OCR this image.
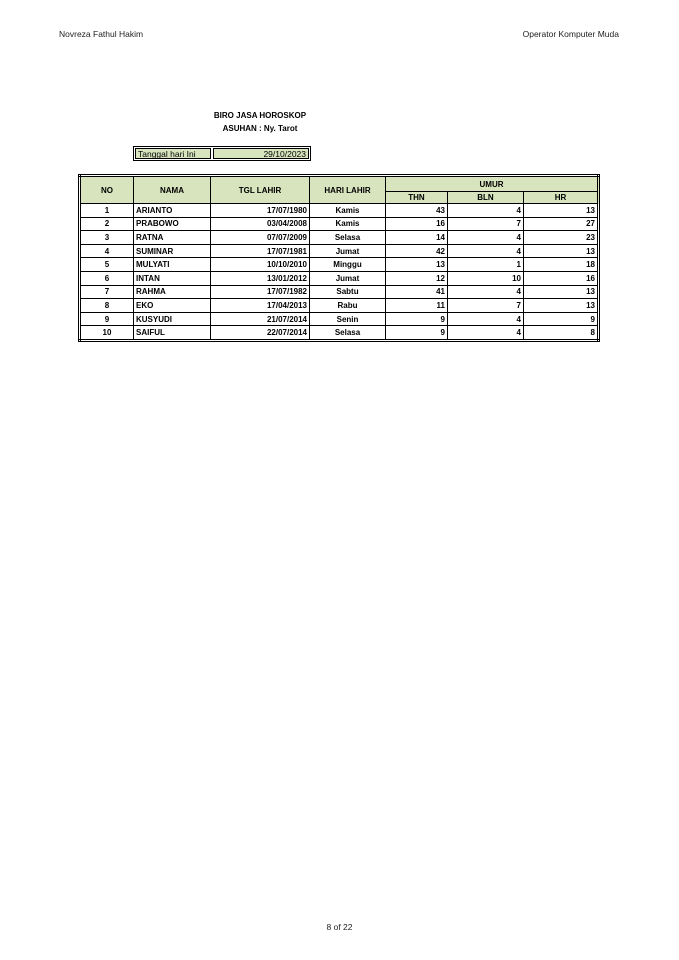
Novreza Fathul Hakim	Operator Komputer Muda
BIRO JASA HOROSKOP
ASUHAN : Ny. Tarot
Tanggal hari Ini	29/10/2023
NO	NAMA	TGL LAHIR	HARI LAHIR	UMUR		
				THN	BLN	HR
1	ARIANTO	17/07/1980	Kamis	43	4	13
2	PRABOWO	03/04/2008	Kamis	16	7	27
3	RATNA	07/07/2009	Selasa	14	4	23
4	SUMINAR	17/07/1981	Jumat	42	4	13
5	MULYATI	10/10/2010	Minggu	13	1	18
6	INTAN	13/01/2012	Jumat	12	10	16
7	RAHMA	17/07/1982	Sabtu	41	4	13
8	EKO	17/04/2013	Rabu	11	7	13
9	KUSYUDI	21/07/2014	Senin	9	4	9
10	SAIFUL	22/07/2014	Selasa	9	4	8
8 of 22
